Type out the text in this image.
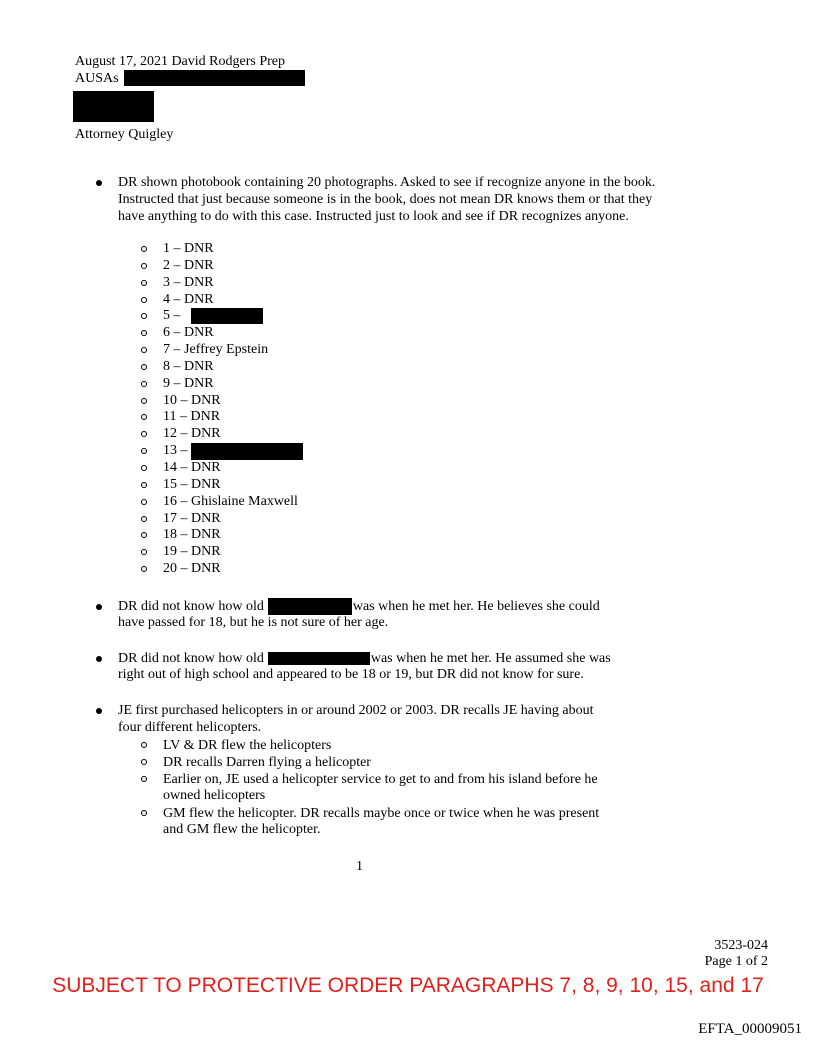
August 17, 2021 David Rodgers Prep
AUSAs
Attorney Quigley
DR shown photobook containing 20 photographs. Asked to see if recognize anyone in the book. Instructed that just because someone is in the book, does not mean DR knows them or that they have anything to do with this case. Instructed just to look and see if DR recognizes anyone.
1 – DNR
2 – DNR
3 – DNR
4 – DNR
5 –
6 – DNR
7 – Jeffrey Epstein
8 – DNR
9 – DNR
10 – DNR
11 – DNR
12 – DNR
13 –
14 – DNR
15 – DNR
16 – Ghislaine Maxwell
17 – DNR
18 – DNR
19 – DNR
20 – DNR
DR did not know how old	was when he met her. He believes she could
have passed for 18, but he is not sure of her age.
DR did not know how old	was when he met her. He assumed she was
right out of high school and appeared to be 18 or 19, but DR did not know for sure.
JE first purchased helicopters in or around 2002 or 2003. DR recalls JE having about
four different helicopters.
LV & DR flew the helicopters
DR recalls Darren flying a helicopter
Earlier on, JE used a helicopter service to get to and from his island before he
owned helicopters
GM flew the helicopter. DR recalls maybe once or twice when he was present
and GM flew the helicopter.
1
3523-024
Page 1 of 2
SUBJECT TO PROTECTIVE ORDER PARAGRAPHS 7, 8, 9, 10, 15, and 17
EFTA_00009051
